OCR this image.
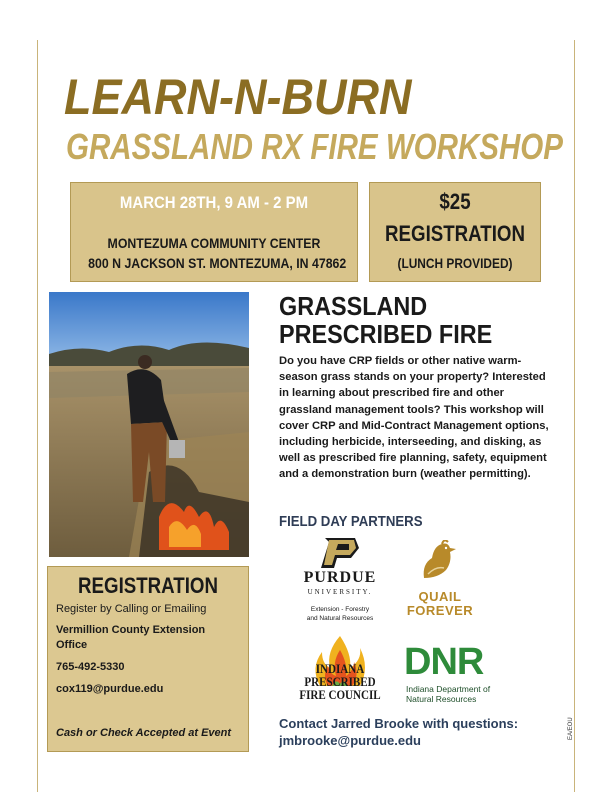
LEARN-N-BURN
GRASSLAND RX FIRE WORKSHOP
MARCH 28TH, 9 AM - 2 PM
MONTEZUMA COMMUNITY CENTER
800 N JACKSON ST. MONTEZUMA, IN 47862
$25
REGISTRATION
(LUNCH PROVIDED)
REGISTRATION
Register by Calling or Emailing
Vermillion County Extension
Office
765-492-5330
cox119@purdue.edu
Cash or Check Accepted at Event
GRASSLAND
PRESCRIBED FIRE
Do you have CRP fields or other native warm-season grass stands on your property? Interested in learning about prescribed fire and other grassland management tools? This workshop will cover CRP and Mid-Contract Management options, including herbicide, interseeding, and disking, as well as prescribed fire planning, safety, equipment and a demonstration burn (weather permitting).
FIELD DAY PARTNERS
PURDUE
UNIVERSITY.
Extension - Forestry
and Natural Resources
QUAIL
FOREVER
INDIANA
PRESCRIBED
FIRE COUNCIL
DNR
Indiana Department of
Natural Resources
Contact Jarred Brooke with questions:
jmbrooke@purdue.edu
EA/EOU
